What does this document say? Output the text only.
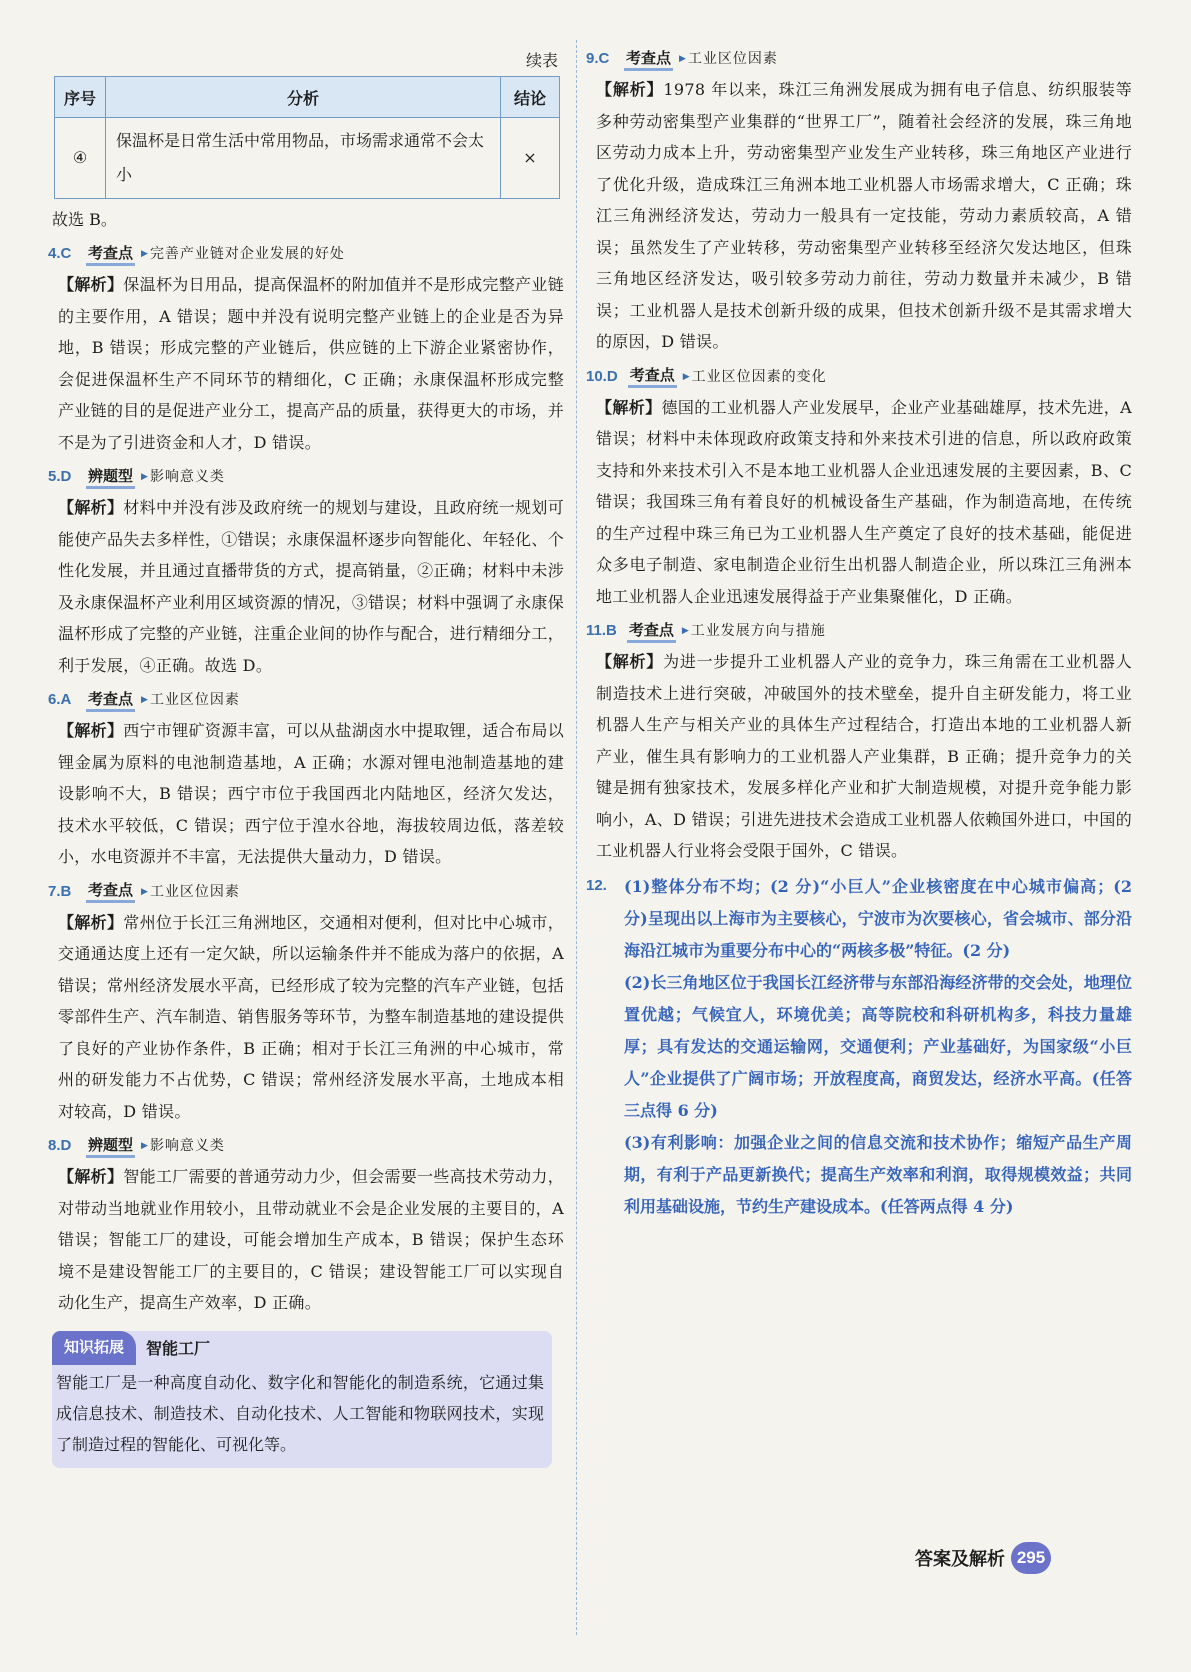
续表
序号	分析	结论
④	保温杯是日常生活中常用物品，市场需求通常不会太小	×
故选 B。
4.C	考查点 ▶ 完善产业链对企业发展的好处
【解析】保温杯为日用品，提高保温杯的附加值并不是形成完整产业链的主要作用，A 错误；题中并没有说明完整产业链上的企业是否为异地，B 错误；形成完整的产业链后，供应链的上下游企业紧密协作，会促进保温杯生产不同环节的精细化，C 正确；永康保温杯形成完整产业链的目的是促进产业分工，提高产品的质量，获得更大的市场，并不是为了引进资金和人才，D 错误。
5.D	辨题型 ▶ 影响意义类
【解析】材料中并没有涉及政府统一的规划与建设，且政府统一规划可能使产品失去多样性，①错误；永康保温杯逐步向智能化、年轻化、个性化发展，并且通过直播带货的方式，提高销量，②正确；材料中未涉及永康保温杯产业利用区域资源的情况，③错误；材料中强调了永康保温杯形成了完整的产业链，注重企业间的协作与配合，进行精细分工，利于发展，④正确。故选 D。
6.A	考查点 ▶ 工业区位因素
【解析】西宁市锂矿资源丰富，可以从盐湖卤水中提取锂，适合布局以锂金属为原料的电池制造基地，A 正确；水源对锂电池制造基地的建设影响不大，B 错误；西宁市位于我国西北内陆地区，经济欠发达，技术水平较低，C 错误；西宁位于湟水谷地，海拔较周边低，落差较小，水电资源并不丰富，无法提供大量动力，D 错误。
7.B	考查点 ▶ 工业区位因素
【解析】常州位于长江三角洲地区，交通相对便利，但对比中心城市，交通通达度上还有一定欠缺，所以运输条件并不能成为落户的依据，A 错误；常州经济发展水平高，已经形成了较为完整的汽车产业链，包括零部件生产、汽车制造、销售服务等环节，为整车制造基地的建设提供了良好的产业协作条件，B 正确；相对于长江三角洲的中心城市，常州的研发能力不占优势，C 错误；常州经济发展水平高，土地成本相对较高，D 错误。
8.D	辨题型 ▶ 影响意义类
【解析】智能工厂需要的普通劳动力少，但会需要一些高技术劳动力，对带动当地就业作用较小，且带动就业不会是企业发展的主要目的，A 错误；智能工厂的建设，可能会增加生产成本，B 错误；保护生态环境不是建设智能工厂的主要目的，C 错误；建设智能工厂可以实现自动化生产，提高生产效率，D 正确。
知识拓展	智能工厂
智能工厂是一种高度自动化、数字化和智能化的制造系统，它通过集成信息技术、制造技术、自动化技术、人工智能和物联网技术，实现了制造过程的智能化、可视化等。
9.C	考查点 ▶ 工业区位因素
【解析】1978 年以来，珠江三角洲发展成为拥有电子信息、纺织服装等多种劳动密集型产业集群的“世界工厂”，随着社会经济的发展，珠三角地区劳动力成本上升，劳动密集型产业发生产业转移，珠三角地区产业进行了优化升级，造成珠江三角洲本地工业机器人市场需求增大，C 正确；珠江三角洲经济发达，劳动力一般具有一定技能，劳动力素质较高，A 错误；虽然发生了产业转移，劳动密集型产业转移至经济欠发达地区，但珠三角地区经济发达，吸引较多劳动力前往，劳动力数量并未减少，B 错误；工业机器人是技术创新升级的成果，但技术创新升级不是其需求增大的原因，D 错误。
10.D 考查点 ▶ 工业区位因素的变化
【解析】德国的工业机器人产业发展早，企业产业基础雄厚，技术先进，A 错误；材料中未体现政府政策支持和外来技术引进的信息，所以政府政策支持和外来技术引入不是本地工业机器人企业迅速发展的主要因素，B、C 错误；我国珠三角有着良好的机械设备生产基础，作为制造高地，在传统的生产过程中珠三角已为工业机器人生产奠定了良好的技术基础，能促进众多电子制造、家电制造企业衍生出机器人制造企业，所以珠江三角洲本地工业机器人企业迅速发展得益于产业集聚催化，D 正确。
11.B 考查点 ▶ 工业发展方向与措施
【解析】为进一步提升工业机器人产业的竞争力，珠三角需在工业机器人制造技术上进行突破，冲破国外的技术壁垒，提升自主研发能力，将工业机器人生产与相关产业的具体生产过程结合，打造出本地的工业机器人新产业，催生具有影响力的工业机器人产业集群，B 正确；提升竞争力的关键是拥有独家技术，发展多样化产业和扩大制造规模，对提升竞争能力影响小，A、D 错误；引进先进技术会造成工业机器人依赖国外进口，中国的工业机器人行业将会受限于国外，C 错误。
12.	(1)整体分布不均；(2 分)“小巨人”企业核密度在中心城市偏高；(2 分)呈现出以上海市为主要核心，宁波市为次要核心，省会城市、部分沿海沿江城市为重要分布中心的“两核多极”特征。(2 分)
(2)长三角地区位于我国长江经济带与东部沿海经济带的交会处，地理位置优越；气候宜人，环境优美；高等院校和科研机构多，科技力量雄厚；具有发达的交通运输网，交通便利；产业基础好，为国家级“小巨人”企业提供了广阔市场；开放程度高，商贸发达，经济水平高。(任答三点得 6 分)
(3)有利影响：加强企业之间的信息交流和技术协作；缩短产品生产周期，有利于产品更新换代；提高生产效率和利润，取得规模效益；共同利用基础设施，节约生产建设成本。(任答两点得 4 分)
答案及解析 295
